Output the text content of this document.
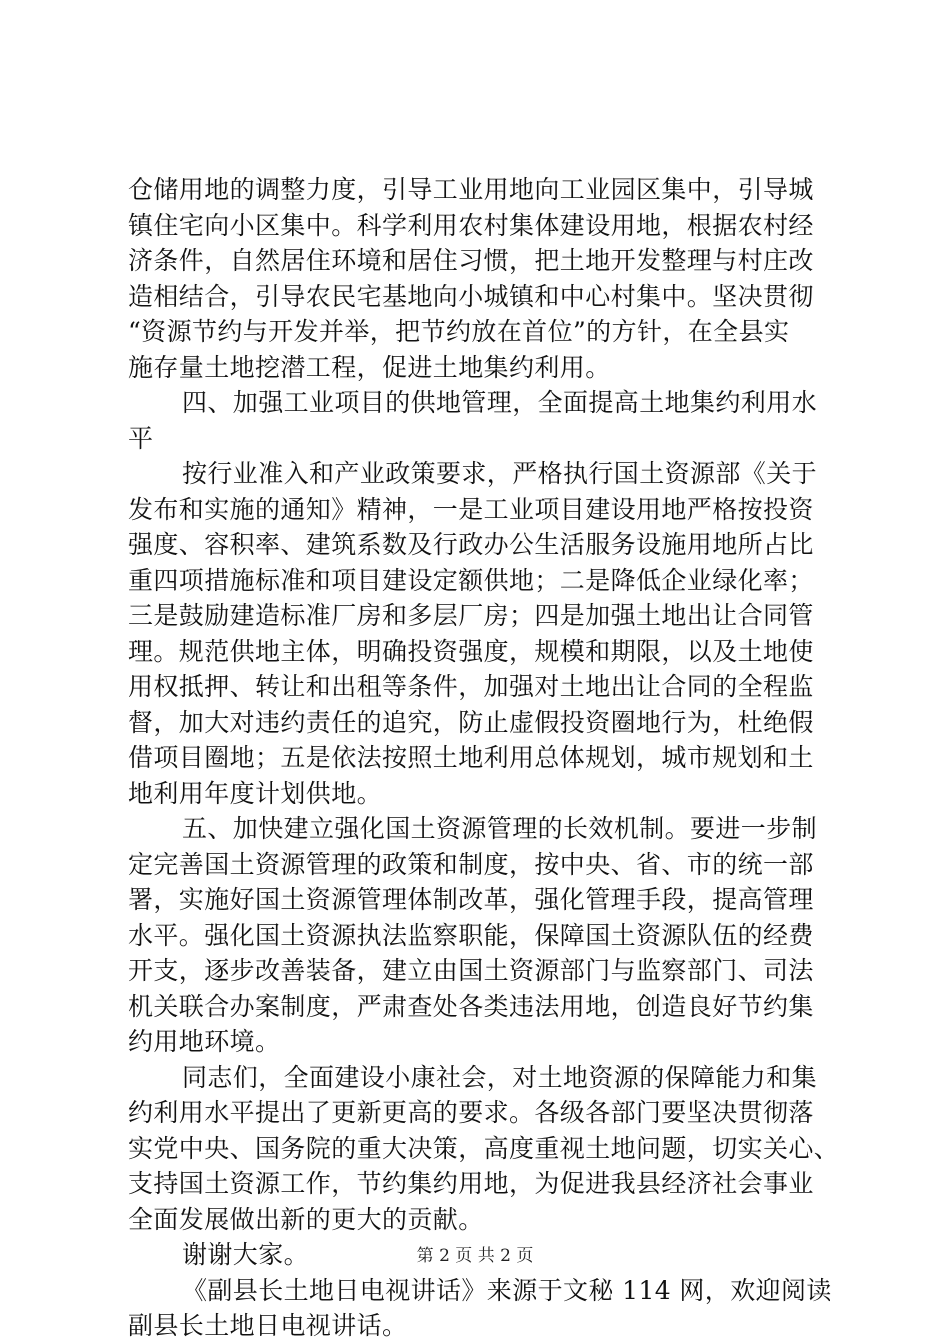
仓储用地的调整力度，引导工业用地向工业园区集中，引导城
镇住宅向小区集中。科学利用农村集体建设用地，根据农村经
济条件，自然居住环境和居住习惯，把土地开发整理与村庄改
造相结合，引导农民宅基地向小城镇和中心村集中。坚决贯彻
“资源节约与开发并举，把节约放在首位”的方针，在全县实
施存量土地挖潜工程，促进土地集约利用。
四、加强工业项目的供地管理，全面提高土地集约利用水
平
按行业准入和产业政策要求，严格执行国土资源部《关于
发布和实施的通知》精神，一是工业项目建设用地严格按投资
强度、容积率、建筑系数及行政办公生活服务设施用地所占比
重四项措施标准和项目建设定额供地；二是降低企业绿化率；
三是鼓励建造标准厂房和多层厂房；四是加强土地出让合同管
理。规范供地主体，明确投资强度，规模和期限，以及土地使
用权抵押、转让和出租等条件，加强对土地出让合同的全程监
督，加大对违约责任的追究，防止虚假投资圈地行为，杜绝假
借项目圈地；五是依法按照土地利用总体规划，城市规划和土
地利用年度计划供地。
五、加快建立强化国土资源管理的长效机制。要进一步制
定完善国土资源管理的政策和制度，按中央、省、市的统一部
署，实施好国土资源管理体制改革，强化管理手段，提高管理
水平。强化国土资源执法监察职能，保障国土资源队伍的经费
开支，逐步改善装备，建立由国土资源部门与监察部门、司法
机关联合办案制度，严肃查处各类违法用地，创造良好节约集
约用地环境。
同志们，全面建设小康社会，对土地资源的保障能力和集
约利用水平提出了更新更高的要求。各级各部门要坚决贯彻落
实党中央、国务院的重大决策，高度重视土地问题，切实关心、
支持国土资源工作，节约集约用地，为促进我县经济社会事业
全面发展做出新的更大的贡献。
谢谢大家。
《副县长土地日电视讲话》来源于文秘 114 网，欢迎阅读
副县长土地日电视讲话。
第 2 页 共 2 页
